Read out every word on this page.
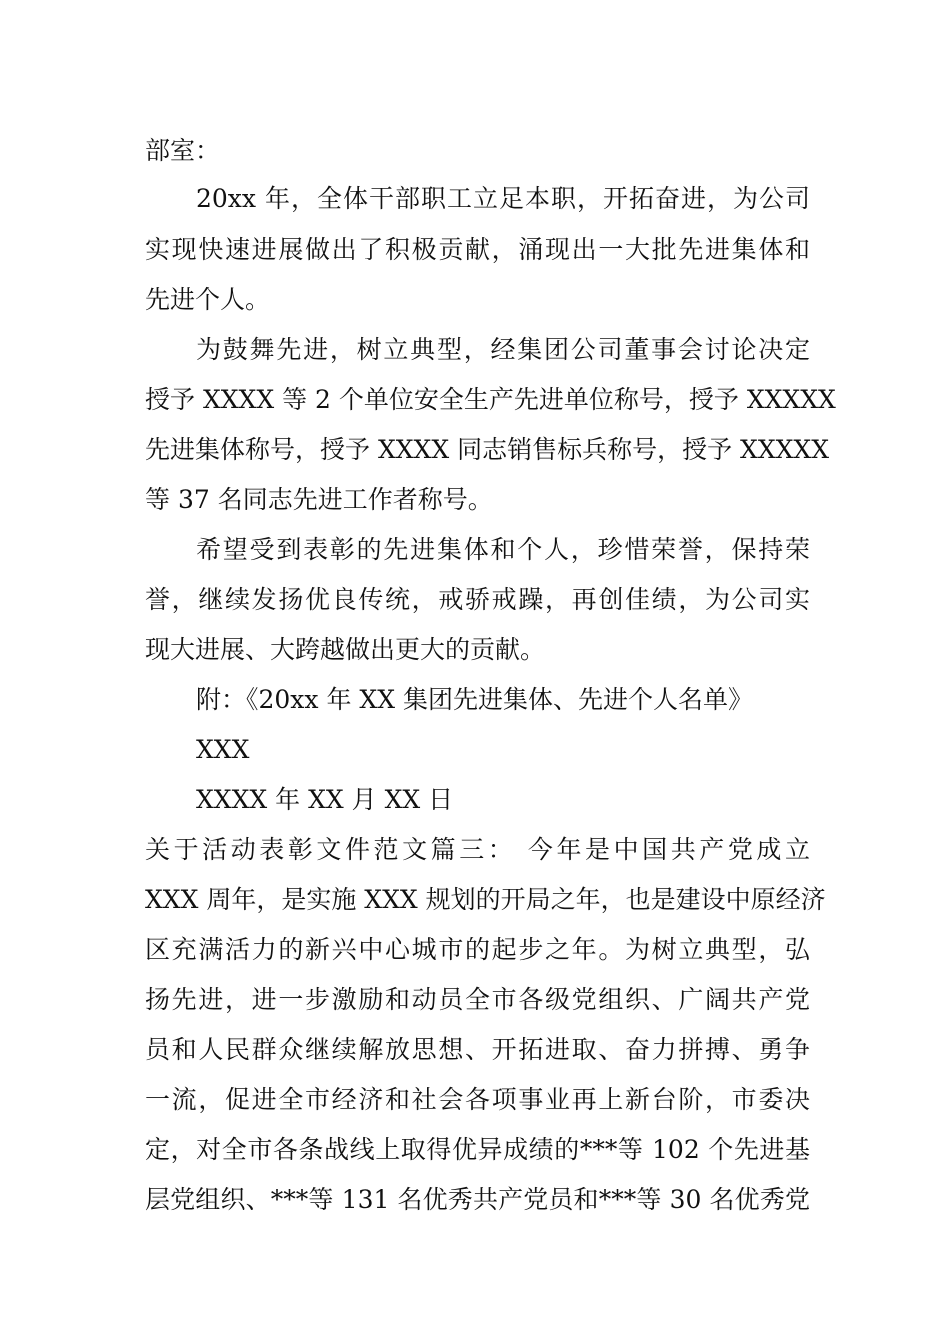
部室：
20xx 年，全体干部职工立足本职，开拓奋进，为公司
实现快速进展做出了积极贡献，涌现出一大批先进集体和
先进个人。
为鼓舞先进，树立典型，经集团公司董事会讨论决定
授予 XXXX 等 2 个单位安全生产先进单位称号，授予 XXXXX
先进集体称号，授予 XXXX 同志销售标兵称号，授予 XXXXX
等 37 名同志先进工作者称号。
希望受到表彰的先进集体和个人，珍惜荣誉，保持荣
誉，继续发扬优良传统，戒骄戒躁，再创佳绩，为公司实
现大进展、大跨越做出更大的贡献。
附：《20xx 年 XX 集团先进集体、先进个人名单》
XXX
XXXX 年 XX 月 XX 日
关于活动表彰文件范文篇三： 今年是中国共产党成立
XXX 周年，是实施 XXX 规划的开局之年，也是建设中原经济
区充满活力的新兴中心城市的起步之年。为树立典型，弘
扬先进，进一步激励和动员全市各级党组织、广阔共产党
员和人民群众继续解放思想、开拓进取、奋力拼搏、勇争
一流，促进全市经济和社会各项事业再上新台阶，市委决
定，对全市各条战线上取得优异成绩的***等 102 个先进基
层党组织、***等 131 名优秀共产党员和***等 30 名优秀党
